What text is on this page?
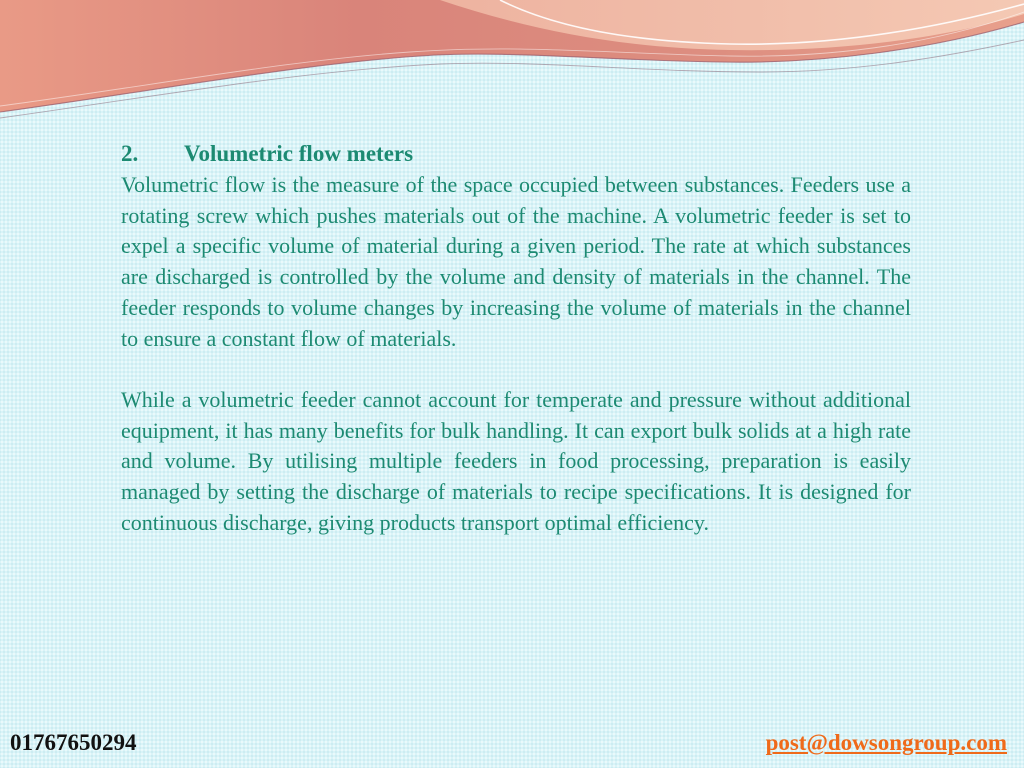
2.	Volumetric flow meters

Volumetric flow is the measure of the space occupied between substances. Feeders use a rotating screw which pushes materials out of the machine. A volumetric feeder is set to expel a specific volume of material during a given period. The rate at which substances are discharged is controlled by the volume and density of materials in the channel. The feeder responds to volume changes by increasing the volume of materials in the channel to ensure a constant flow of materials.

While a volumetric feeder cannot account for temperate and pressure without additional equipment, it has many benefits for bulk handling. It can export bulk solids at a high rate and volume. By utilising multiple feeders in food processing, preparation is easily managed by setting the discharge of materials to recipe specifications. It is designed for continuous discharge, giving products transport optimal efficiency.

01767650294	post@dowsongroup.com
